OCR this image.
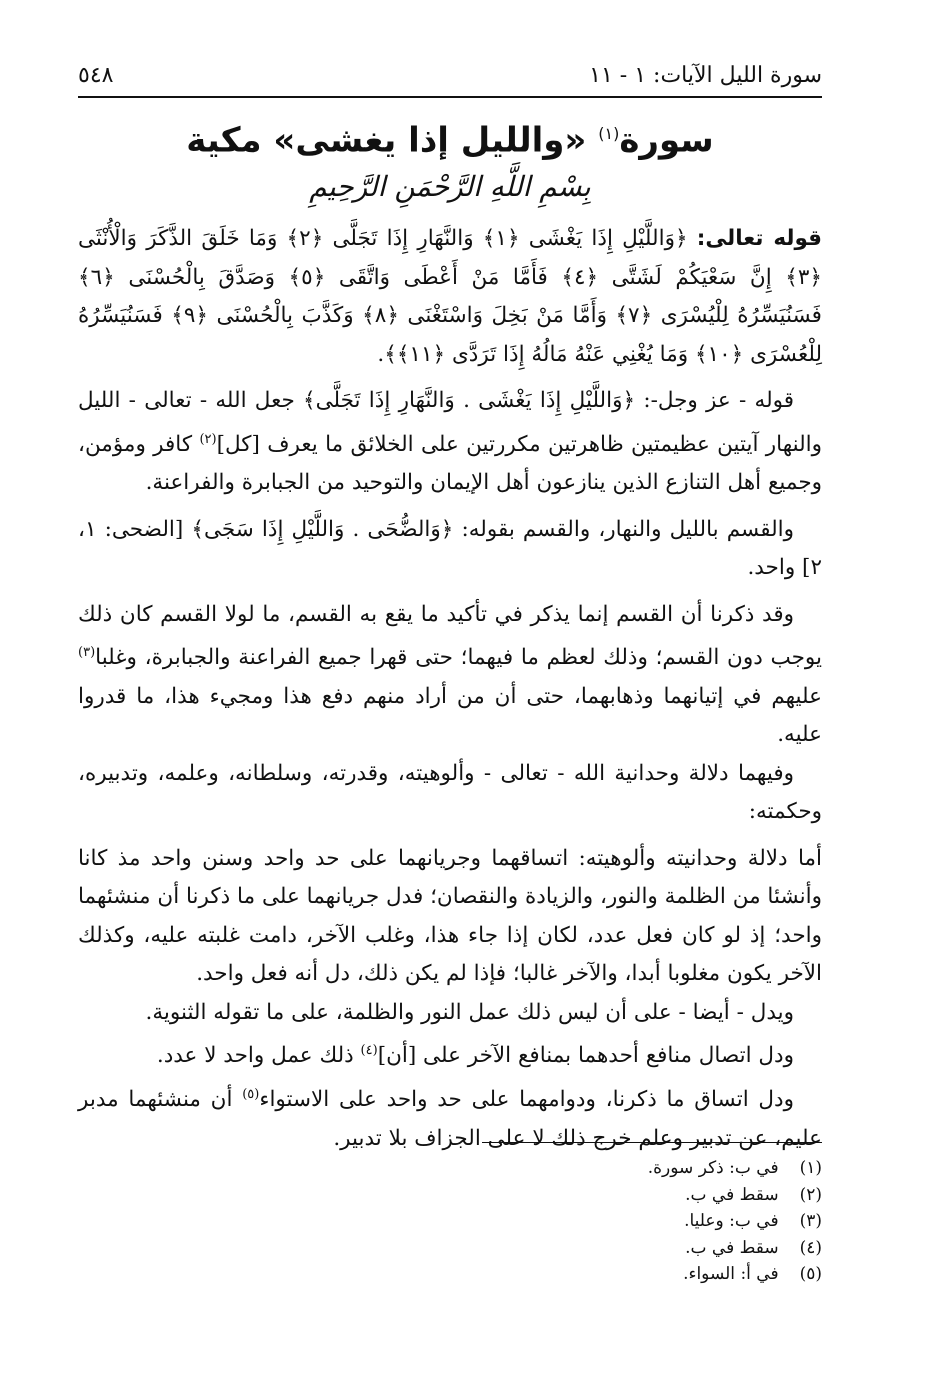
سورة الليل الآيات: ١ - ١١
٥٤٨
سورة$^{(١)}$ «والليل إذا يغشى» مكية
بِسْمِ اللَّهِ الرَّحْمَنِ الرَّحِيمِ

قوله تعالى: ﴿وَاللَّيْلِ إِذَا يَغْشَى ﴿١﴾ وَالنَّهَارِ إِذَا تَجَلَّى ﴿٢﴾ وَمَا خَلَقَ الذَّكَرَ وَالْأُنْثَى ﴿٣﴾ إِنَّ سَعْيَكُمْ لَشَتَّى ﴿٤﴾ فَأَمَّا مَنْ أَعْطَى وَاتَّقَى ﴿٥﴾ وَصَدَّقَ بِالْحُسْنَى ﴿٦﴾ فَسَنُيَسِّرُهُ لِلْيُسْرَى ﴿٧﴾ وَأَمَّا مَنْ بَخِلَ وَاسْتَغْنَى ﴿٨﴾ وَكَذَّبَ بِالْحُسْنَى ﴿٩﴾ فَسَنُيَسِّرُهُ لِلْعُسْرَى ﴿١٠﴾ وَمَا يُغْنِي عَنْهُ مَالُهُ إِذَا تَرَدَّى ﴿١١﴾﴾.

قوله - عز وجل-: ﴿وَاللَّيْلِ إِذَا يَغْشَى . وَالنَّهَارِ إِذَا تَجَلَّى﴾ جعل الله - تعالى - الليل والنهار آيتين عظيمتين ظاهرتين مكررتين على الخلائق ما يعرف [كل]$^{(٢)}$ كافر ومؤمن، وجميع أهل التنازع الذين ينازعون أهل الإيمان والتوحيد من الجبابرة والفراعنة.

والقسم بالليل والنهار، والقسم بقوله: ﴿وَالضُّحَى . وَاللَّيْلِ إِذَا سَجَى﴾ [الضحى: ١، ٢] واحد.

وقد ذكرنا أن القسم إنما يذكر في تأكيد ما يقع به القسم، ما لولا القسم كان ذلك يوجب دون القسم؛ وذلك لعظم ما فيهما؛ حتى قهرا جميع الفراعنة والجبابرة، وغلبا$^{(٣)}$ عليهم في إتيانهما وذهابهما، حتى أن من أراد منهم دفع هذا ومجيء هذا، ما قدروا عليه.

وفيهما دلالة وحدانية الله - تعالى - وألوهيته، وقدرته، وسلطانه، وعلمه، وتدبيره، وحكمته:

أما دلالة وحدانيته وألوهيته: اتساقهما وجريانهما على حد واحد وسنن واحد مذ كانا وأنشئا من الظلمة والنور، والزيادة والنقصان؛ فدل جريانهما على ما ذكرنا أن منشئهما واحد؛ إذ لو كان فعل عدد، لكان إذا جاء هذا، وغلب الآخر، دامت غلبته عليه، وكذلك الآخر يكون مغلوبا أبدا، والآخر غالبا؛ فإذا لم يكن ذلك، دل أنه فعل واحد.

ويدل - أيضا - على أن ليس ذلك عمل النور والظلمة، على ما تقوله الثنوية.

ودل اتصال منافع أحدهما بمنافع الآخر على [أن]$^{(٤)}$ ذلك عمل واحد لا عدد.

ودل اتساق ما ذكرنا، ودوامهما على حد واحد على الاستواء$^{(٥)}$ أن منشئهما مدبر عليم، عن تدبير وعلم خرج ذلك لا على الجزاف بلا تدبير.

(١) في ب: ذكر سورة.
(٢) سقط في ب.
(٣) في ب: وعليا.
(٤) سقط في ب.
(٥) في أ: السواء.
